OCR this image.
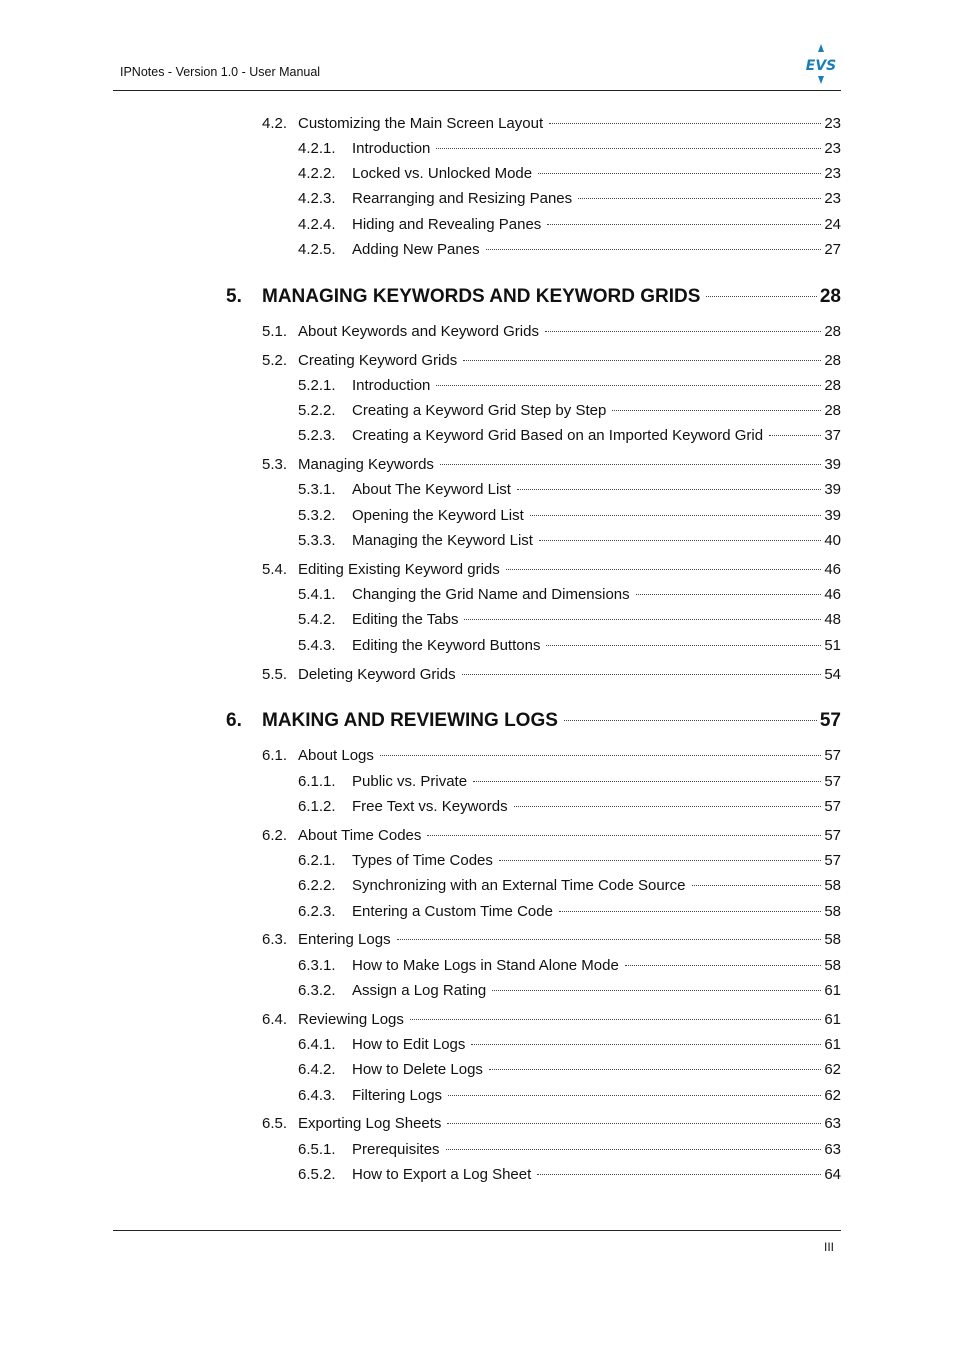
IPNotes - Version 1.0 - User Manual	EVS
4.2. Customizing the Main Screen Layout	23
4.2.1.	Introduction	23
4.2.2.	Locked vs. Unlocked Mode	23
4.2.3.	Rearranging and Resizing Panes	23
4.2.4.	Hiding and Revealing Panes	24
4.2.5.	Adding New Panes	27
5.	MANAGING KEYWORDS AND KEYWORD GRIDS	28
5.1. About Keywords and Keyword Grids	28
5.2. Creating Keyword Grids	28
5.2.1.	Introduction	28
5.2.2.	Creating a Keyword Grid Step by Step	28
5.2.3.	Creating a Keyword Grid Based on an Imported Keyword Grid	37
5.3. Managing Keywords	39
5.3.1.	About The Keyword List	39
5.3.2.	Opening the Keyword List	39
5.3.3.	Managing the Keyword List	40
5.4. Editing Existing Keyword grids	46
5.4.1.	Changing the Grid Name and Dimensions	46
5.4.2.	Editing the Tabs	48
5.4.3.	Editing the Keyword Buttons	51
5.5. Deleting Keyword Grids	54
6.	MAKING AND REVIEWING LOGS	57
6.1. About Logs	57
6.1.1.	Public vs. Private	57
6.1.2.	Free Text vs. Keywords	57
6.2. About Time Codes	57
6.2.1.	Types of Time Codes	57
6.2.2.	Synchronizing with an External Time Code Source	58
6.2.3.	Entering a Custom Time Code	58
6.3. Entering Logs	58
6.3.1.	How to Make Logs in Stand Alone Mode	58
6.3.2.	Assign a Log Rating	61
6.4. Reviewing Logs	61
6.4.1.	How to Edit Logs	61
6.4.2.	How to Delete Logs	62
6.4.3.	Filtering Logs	62
6.5. Exporting Log Sheets	63
6.5.1.	Prerequisites	63
6.5.2.	How to Export a Log Sheet	64
III
